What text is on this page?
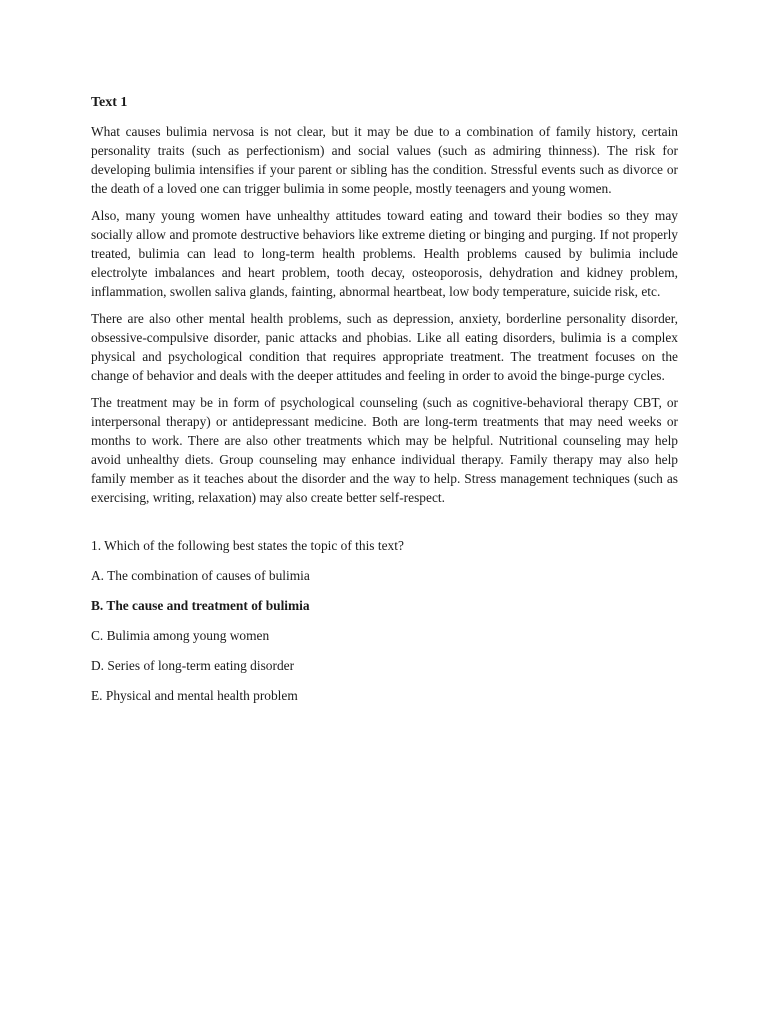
Text 1

What causes bulimia nervosa is not clear, but it may be due to a combination of family history, certain personality traits (such as perfectionism) and social values (such as admiring thinness). The risk for developing bulimia intensifies if your parent or sibling has the condition. Stressful events such as divorce or the death of a loved one can trigger bulimia in some people, mostly teenagers and young women.

Also, many young women have unhealthy attitudes toward eating and toward their bodies so they may socially allow and promote destructive behaviors like extreme dieting or binging and purging. If not properly treated, bulimia can lead to long-term health problems. Health problems caused by bulimia include electrolyte imbalances and heart problem, tooth decay, osteoporosis, dehydration and kidney problem, inflammation, swollen saliva glands, fainting, abnormal heartbeat, low body temperature, suicide risk, etc.

There are also other mental health problems, such as depression, anxiety, borderline personality disorder, obsessive-compulsive disorder, panic attacks and phobias. Like all eating disorders, bulimia is a complex physical and psychological condition that requires appropriate treatment. The treatment focuses on the change of behavior and deals with the deeper attitudes and feeling in order to avoid the binge-purge cycles.

The treatment may be in form of psychological counseling (such as cognitive-behavioral therapy CBT, or interpersonal therapy) or antidepressant medicine. Both are long-term treatments that may need weeks or months to work. There are also other treatments which may be helpful. Nutritional counseling may help avoid unhealthy diets. Group counseling may enhance individual therapy. Family therapy may also help family member as it teaches about the disorder and the way to help. Stress management techniques (such as exercising, writing, relaxation) may also create better self-respect.

1. Which of the following best states the topic of this text?

A. The combination of causes of bulimia

B. The cause and treatment of bulimia

C. Bulimia among young women

D. Series of long-term eating disorder

E. Physical and mental health problem
